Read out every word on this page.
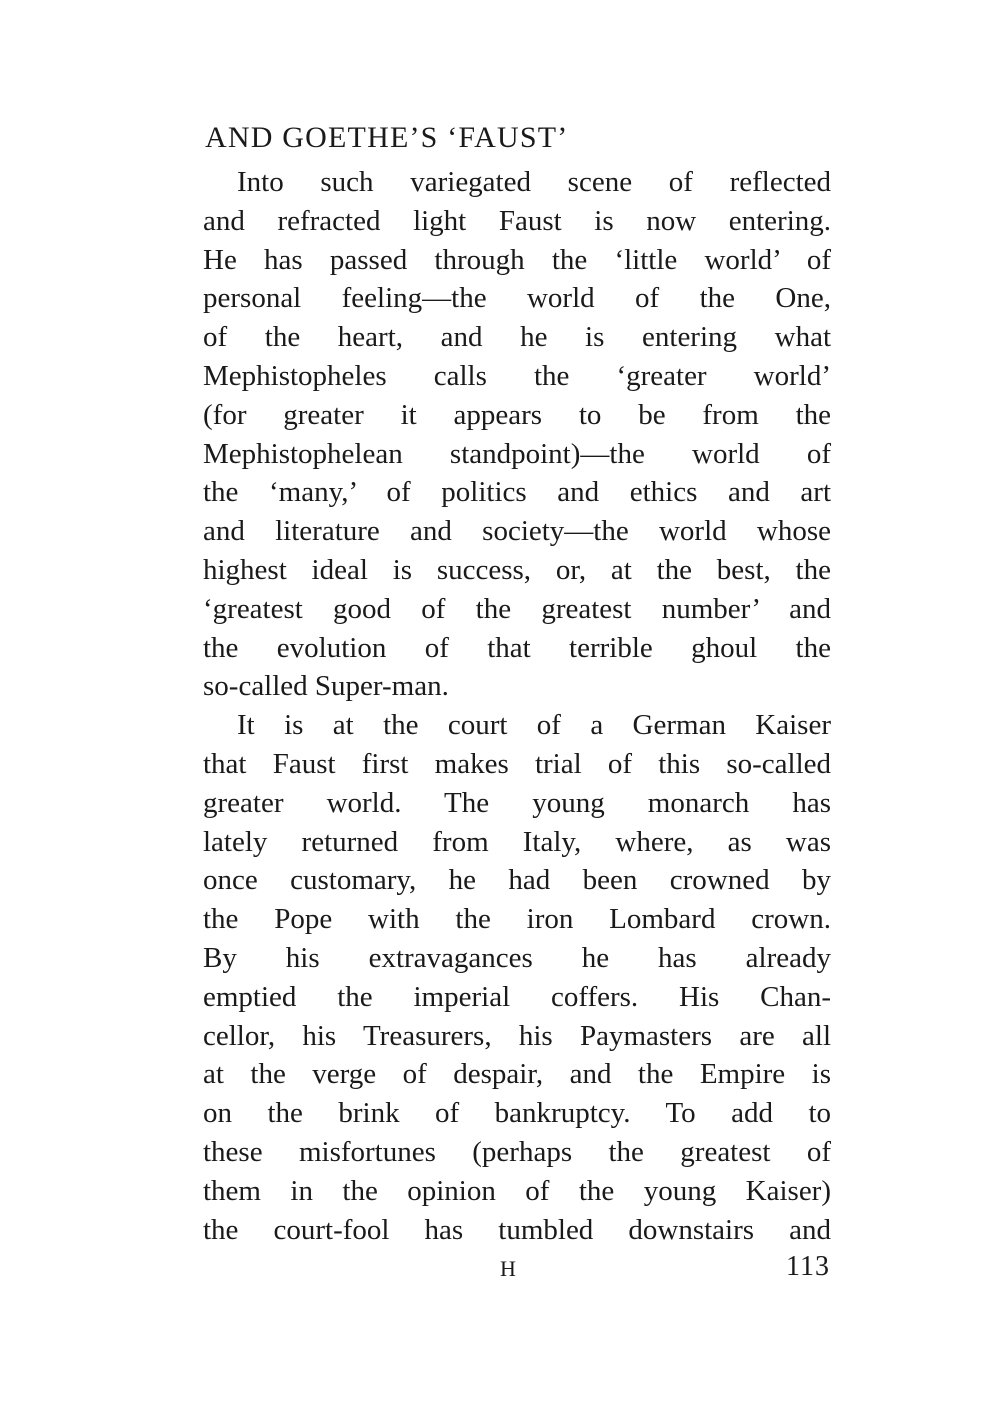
AND GOETHE’S ‘FAUST’
Into such variegated scene of reflected
and refracted light Faust is now entering.
He has passed through the ‘little world’ of
personal feeling—the world of the One,
of the heart, and he is entering what
Mephistopheles calls the ‘greater world’
(for greater it appears to be from the
Mephistophelean standpoint)—the world of
the ‘many,’ of politics and ethics and art
and literature and society—the world whose
highest ideal is success, or, at the best, the
‘greatest good of the greatest number’ and
the evolution of that terrible ghoul the
so-called Super-man.
It is at the court of a German Kaiser
that Faust first makes trial of this so-called
greater world. The young monarch has
lately returned from Italy, where, as was
once customary, he had been crowned by
the Pope with the iron Lombard crown.
By his extravagances he has already
emptied the imperial coffers. His Chan-
cellor, his Treasurers, his Paymasters are all
at the verge of despair, and the Empire is
on the brink of bankruptcy. To add to
these misfortunes (perhaps the greatest of
them in the opinion of the young Kaiser)
the court-fool has tumbled downstairs and
H	113
